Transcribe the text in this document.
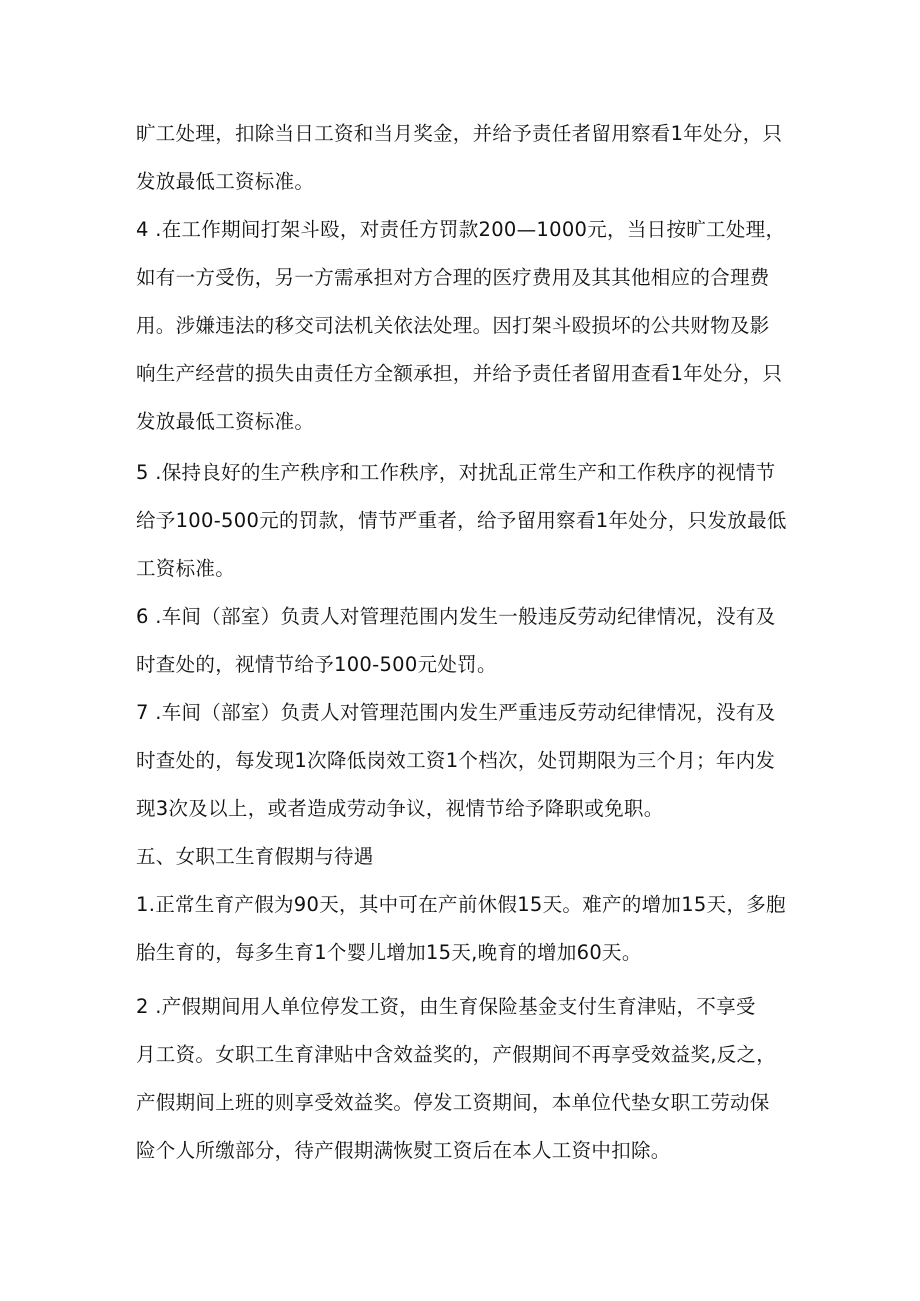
旷工处理，扣除当日工资和当月奖金，并给予责任者留用察看1年处分，只
发放最低工资标准。
4 .在工作期间打架斗殴，对责任方罚款200—1000元，当日按旷工处理，
如有一方受伤，另一方需承担对方合理的医疗费用及其其他相应的合理费
用。涉嫌违法的移交司法机关依法处理。因打架斗殴损坏的公共财物及影
响生产经营的损失由责任方全额承担，并给予责任者留用查看1年处分，只
发放最低工资标准。
5 .保持良好的生产秩序和工作秩序，对扰乱正常生产和工作秩序的视情节
给予100-500元的罚款，情节严重者，给予留用察看1年处分，只发放最低
工资标准。
6 .车间（部室）负责人对管理范围内发生一般违反劳动纪律情况，没有及
时查处的，视情节给予100-500元处罚。
7 .车间（部室）负责人对管理范围内发生严重违反劳动纪律情况，没有及
时查处的，每发现1次降低岗效工资1个档次，处罚期限为三个月；年内发
现3次及以上，或者造成劳动争议，视情节给予降职或免职。
五、女职工生育假期与待遇
1.正常生育产假为90天，其中可在产前休假15天。难产的增加15天，多胞
胎生育的，每多生育1个婴儿增加15天,晚育的增加60天。
2 .产假期间用人单位停发工资，由生育保险基金支付生育津贴，不享受
月工资。女职工生育津贴中含效益奖的，产假期间不再享受效益奖,反之，
产假期间上班的则享受效益奖。停发工资期间，本单位代垫女职工劳动保
险个人所缴部分，待产假期满恢熨工资后在本人工资中扣除。
